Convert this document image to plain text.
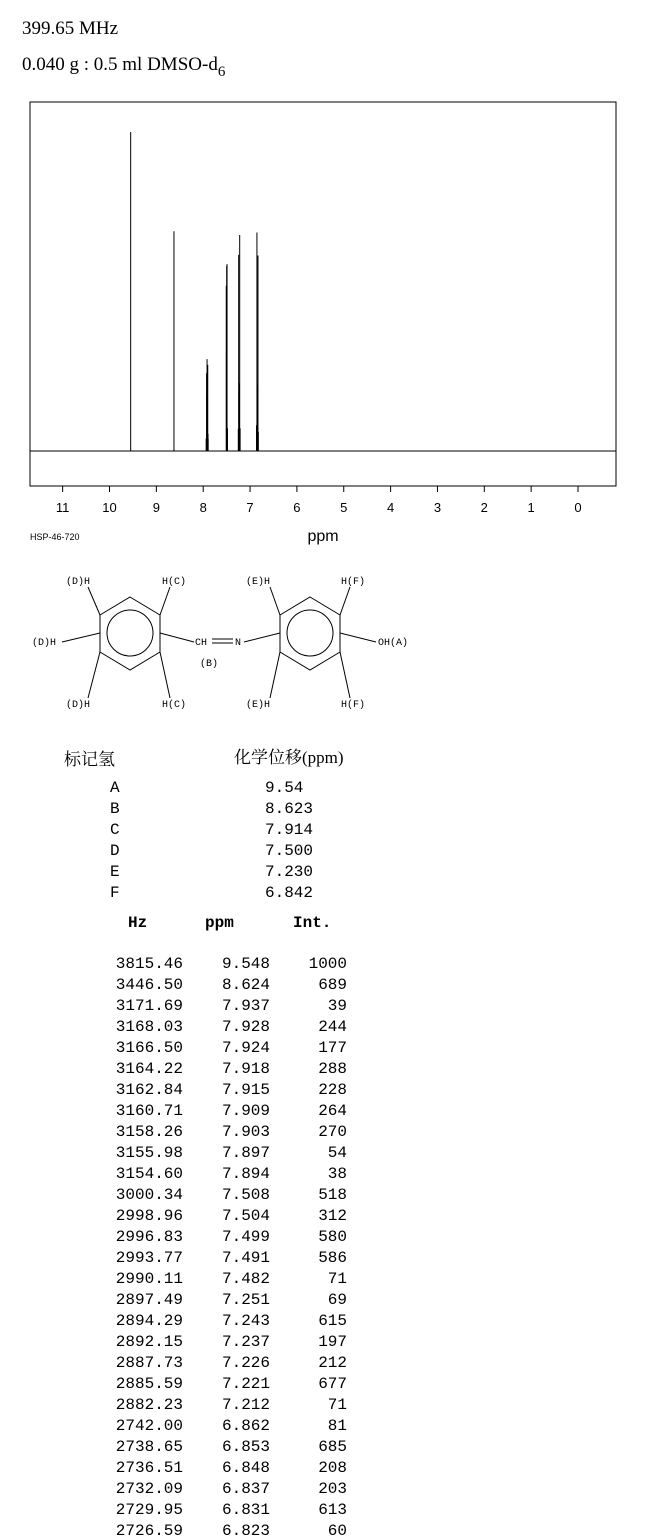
399.65 MHz
0.040 g : 0.5 ml DMSO-$d_6$
11	10	9	8	7	6	5	4	3	2	1	0
ppm
HSP-46-720
(D)H	H(C)	(E)H	H(F)
(D)H	CH	N	OH(A)
(B)
(D)H	H(C)	(E)H	H(F)
标记氢	化学位移(ppm)
A	9.54
B	8.623
C	7.914
D	7.500
E	7.230
F	6.842
Hz	ppm	Int.
3815.46 9.548 1000
3446.50 8.624	689
3171.69 7.937	39
3168.03 7.928	244
3166.50 7.924	177
3164.22 7.918	288
3162.84 7.915	228
3160.71 7.909	264
3158.26 7.903	270
3155.98 7.897	54
3154.60 7.894	38
3000.34 7.508	518
2998.96 7.504	312
2996.83 7.499	580
2993.77 7.491	586
2990.11 7.482	71
2897.49 7.251	69
2894.29 7.243	615
2892.15 7.237	197
2887.73 7.226	212
2885.59 7.221	677
2882.23 7.212	71
2742.00 6.862	81
2738.65 6.853	685
2736.51 6.848	208
2732.09 6.837	203
2729.95 6.831	613
2726.59 6.823	60
